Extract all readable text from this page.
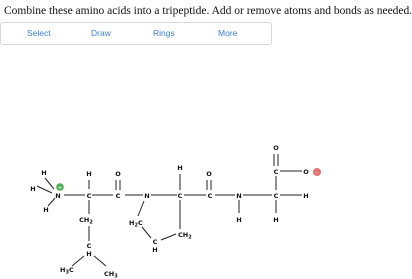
Combine these amino acids into a tripeptide. Add or remove atoms and bonds as needed.
Select	Draw	Rings	More
+
-
H
H
H
N
H
C
O
C
$CH_2$
C
H
$H_3C$	$CH_3$
N
$H_2C$
C
H
$CH_2$
H
C
O
C	N
H
C
H
H
C	O
O
